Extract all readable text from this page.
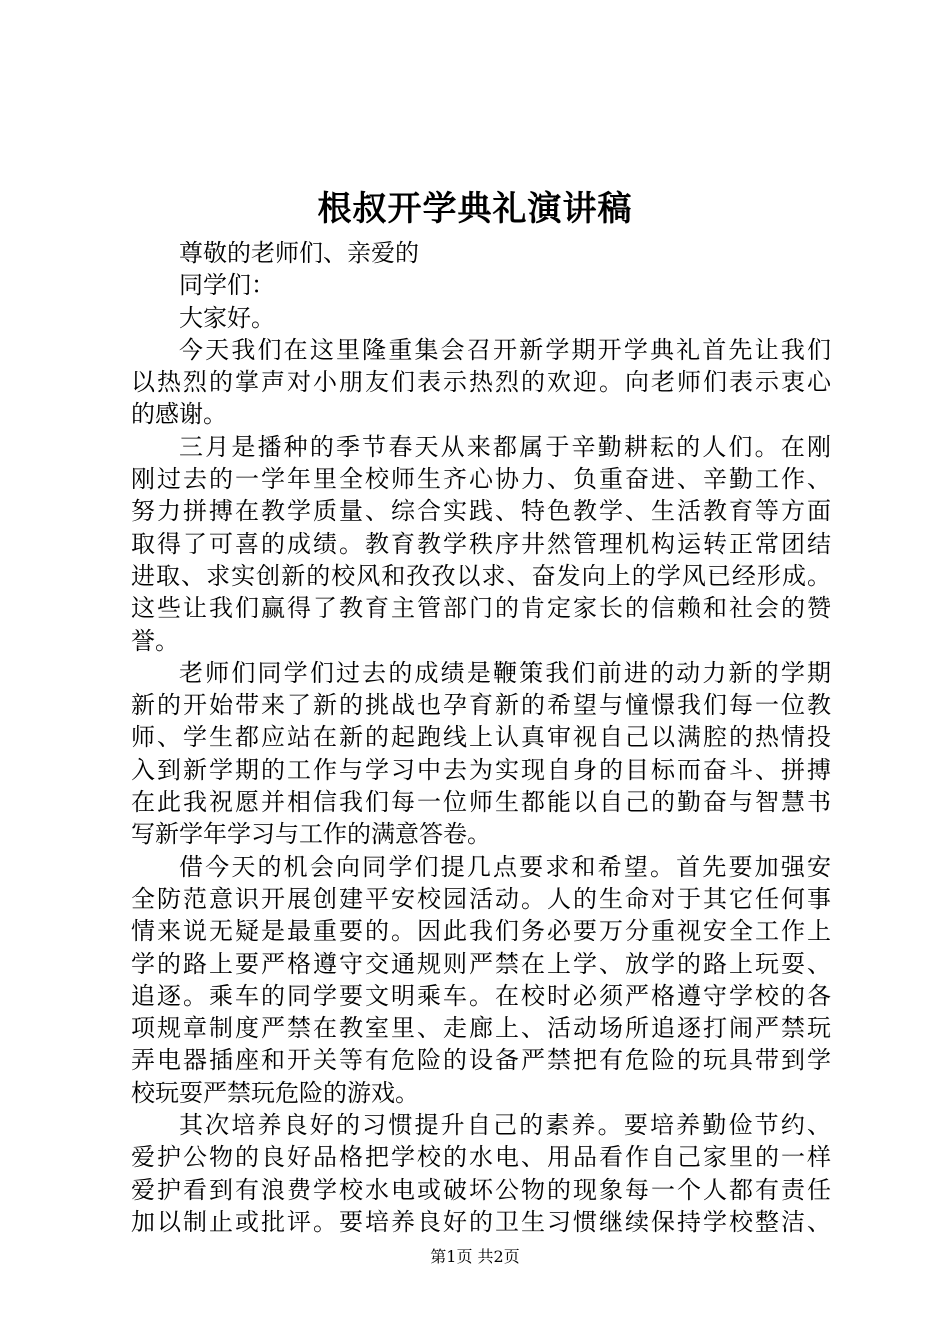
根叔开学典礼演讲稿
尊敬的老师们、亲爱的
同学们：
大家好。
今天我们在这里隆重集会召开新学期开学典礼首先让我们
以热烈的掌声对小朋友们表示热烈的欢迎。向老师们表示衷心
的感谢。
三月是播种的季节春天从来都属于辛勤耕耘的人们。在刚
刚过去的一学年里全校师生齐心协力、负重奋进、辛勤工作、
努力拼搏在教学质量、综合实践、特色教学、生活教育等方面
取得了可喜的成绩。教育教学秩序井然管理机构运转正常团结
进取、求实创新的校风和孜孜以求、奋发向上的学风已经形成。
这些让我们赢得了教育主管部门的肯定家长的信赖和社会的赞
誉。
老师们同学们过去的成绩是鞭策我们前进的动力新的学期
新的开始带来了新的挑战也孕育新的希望与憧憬我们每一位教
师、学生都应站在新的起跑线上认真审视自己以满腔的热情投
入到新学期的工作与学习中去为实现自身的目标而奋斗、拼搏
在此我祝愿并相信我们每一位师生都能以自己的勤奋与智慧书
写新学年学习与工作的满意答卷。
借今天的机会向同学们提几点要求和希望。首先要加强安
全防范意识开展创建平安校园活动。人的生命对于其它任何事
情来说无疑是最重要的。因此我们务必要万分重视安全工作上
学的路上要严格遵守交通规则严禁在上学、放学的路上玩耍、
追逐。乘车的同学要文明乘车。在校时必须严格遵守学校的各
项规章制度严禁在教室里、走廊上、活动场所追逐打闹严禁玩
弄电器插座和开关等有危险的设备严禁把有危险的玩具带到学
校玩耍严禁玩危险的游戏。
其次培养良好的习惯提升自己的素养。要培养勤俭节约、
爱护公物的良好品格把学校的水电、用品看作自己家里的一样
爱护看到有浪费学校水电或破坏公物的现象每一个人都有责任
加以制止或批评。要培养良好的卫生习惯继续保持学校整洁、
第1页 共2页
